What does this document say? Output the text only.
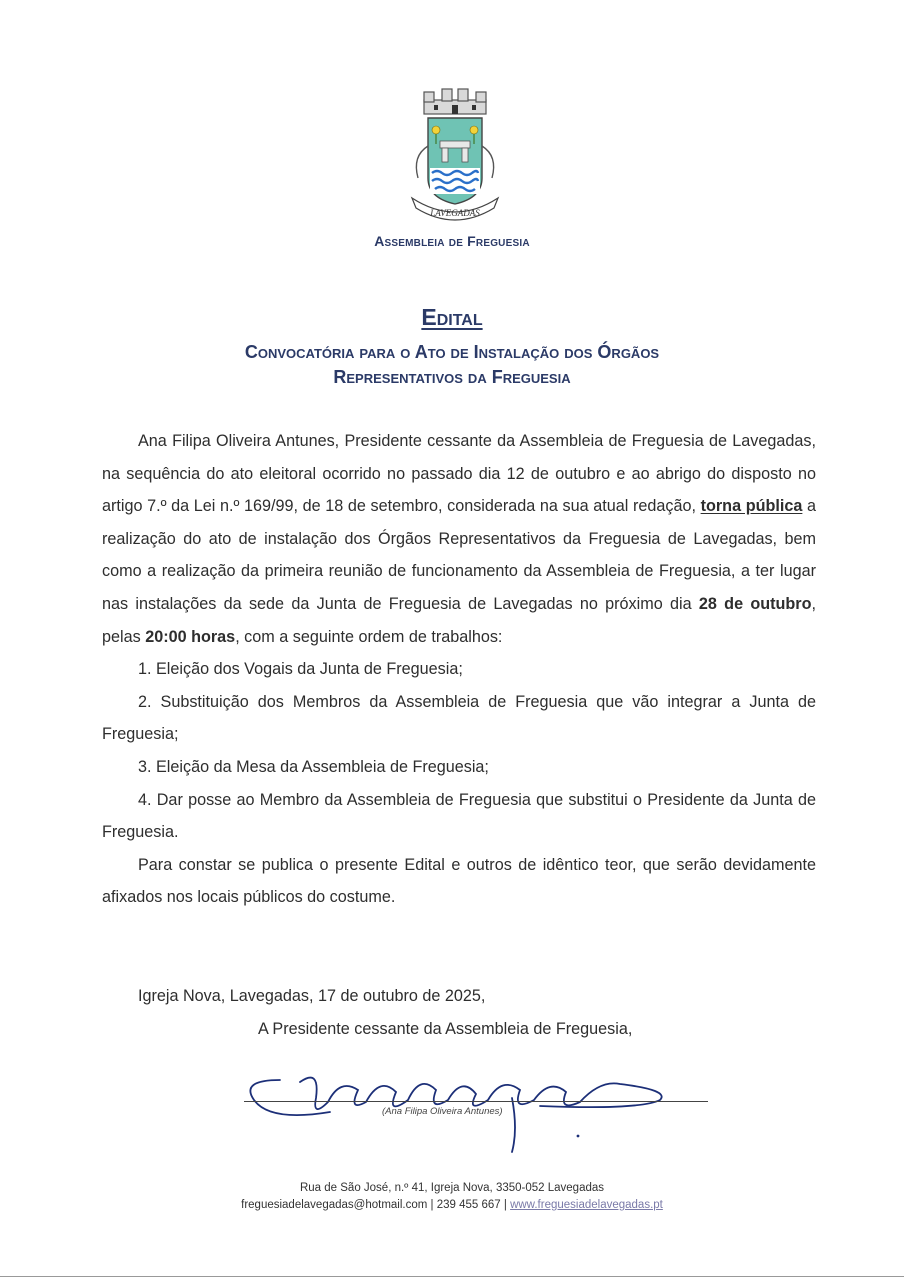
LAVEGADAS
Assembleia de Freguesia
Edital
Convocatória para o Ato de Instalação dos Órgãos
Representativos da Freguesia

Ana Filipa Oliveira Antunes, Presidente cessante da Assembleia de Freguesia de Lavegadas, na sequência do ato eleitoral ocorrido no passado dia 12 de outubro e ao abrigo do disposto no artigo 7.º da Lei n.º 169/99, de 18 de setembro, considerada na sua atual redação, torna pública a realização do ato de instalação dos Órgãos Representativos da Freguesia de Lavegadas, bem como a realização da primeira reunião de funcionamento da Assembleia de Freguesia, a ter lugar nas instalações da sede da Junta de Freguesia de Lavegadas no próximo dia 28 de outubro, pelas 20:00 horas, com a seguinte ordem de trabalhos:

1. Eleição dos Vogais da Junta de Freguesia;

2. Substituição dos Membros da Assembleia de Freguesia que vão integrar a Junta de Freguesia;

3. Eleição da Mesa da Assembleia de Freguesia;

4. Dar posse ao Membro da Assembleia de Freguesia que substitui o Presidente da Junta de Freguesia.

Para constar se publica o presente Edital e outros de idêntico teor, que serão devidamente afixados nos locais públicos do costume.

Igreja Nova, Lavegadas, 17 de outubro de 2025,
A Presidente cessante da Assembleia de Freguesia,
(Ana Filipa Oliveira Antunes)
Rua de São José, n.º 41, Igreja Nova, 3350-052 Lavegadas
freguesiadelavegadas@hotmail.com | 239 455 667 | www.freguesiadelavegadas.pt
